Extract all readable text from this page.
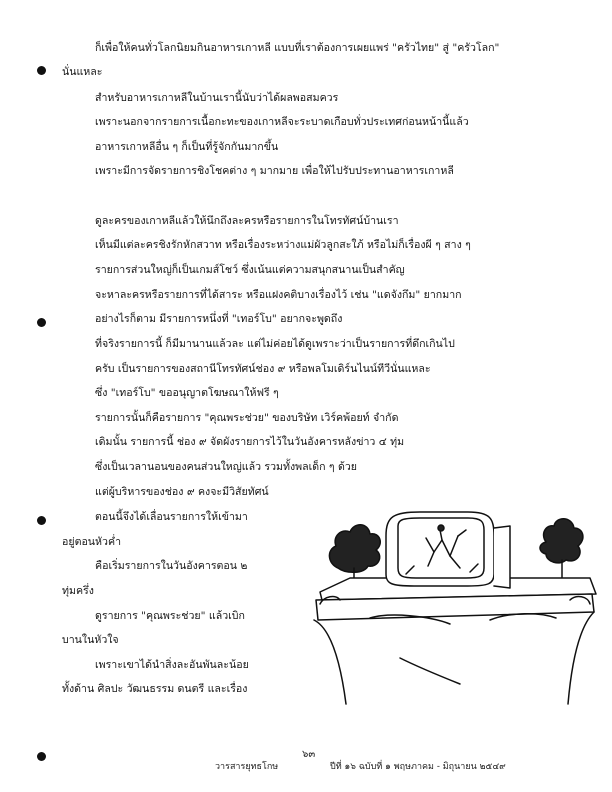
ก็เพื่อให้คนทั่วโลกนิยมกินอาหารเกาหลี แบบที่เราต้องการเผยแพร่ "ครัวไทย" สู่ "ครัวโลก"
นั่นแหละ
สำหรับอาหารเกาหลีในบ้านเรานี้นับว่าได้ผลพอสมควร
เพราะนอกจากรายการเนื้อกะทะของเกาหลีจะระบาดเกือบทั่วประเทศก่อนหน้านี้แล้ว
อาหารเกาหลีอื่น ๆ ก็เป็นที่รู้จักกันมากขึ้น
เพราะมีการจัดรายการชิงโชคต่าง ๆ มากมาย เพื่อให้ไปรับประทานอาหารเกาหลี
ดูละครของเกาหลีแล้วให้นึกถึงละครหรือรายการในโทรทัศน์บ้านเรา
เห็นมีแต่ละครชิงรักหักสวาท หรือเรื่องระหว่างแม่ผัวลูกสะใภ้ หรือไม่ก็เรื่องผี ๆ สาง ๆ
รายการส่วนใหญ่ก็เป็นเกมส์โชว์ ซึ่งเน้นแต่ความสนุกสนานเป็นสำคัญ
จะหาละครหรือรายการที่ได้สาระ หรือแฝงคติบางเรื่องไว้ เช่น "แดจังกึม" ยากมาก
อย่างไรก็ตาม มีรายการหนึ่งที่ "เทอร์โบ" อยากจะพูดถึง
ที่จริงรายการนี้ ก็มีมานานแล้วละ แต่ไม่ค่อยได้ดูเพราะว่าเป็นรายการที่ดึกเกินไป
ครับ เป็นรายการของสถานีโทรทัศน์ช่อง ๙ หรือพลโมเดิร์นไนน์ทีวีนั่นแหละ
ซึ่ง "เทอร์โบ" ขออนุญาตโฆษณาให้ฟรี ๆ
รายการนั้นก็คือรายการ "คุณพระช่วย" ของบริษัท เวิร์คพ้อยท์ จำกัด
เดิมนั้น รายการนี้ ช่อง ๙ จัดผังรายการไว้ในวันอังคารหลังข่าว ๔ ทุ่ม
ซึ่งเป็นเวลานอนของคนส่วนใหญ่แล้ว รวมทั้งพลเด็ก ๆ ด้วย
แต่ผู้บริหารของช่อง ๙ คงจะมีวิสัยทัศน์
ตอนนี้จึงได้เลื่อนรายการให้เข้ามา
อยู่ตอนหัวค่ำ
คือเริ่มรายการในวันอังคารตอน ๒
ทุ่มครึ่ง
ดูรายการ "คุณพระช่วย" แล้วเบิก
บานในหัวใจ
เพราะเขาได้นำสิ่งละอันพันละน้อย
ทั้งด้าน ศิลปะ วัฒนธรรม ดนตรี และเรื่อง
๖๓
วารสารยุทธโกษ	ปีที่ ๑๖ ฉบับที่ ๑ พฤษภาคม - มิถุนายน ๒๕๔๙
